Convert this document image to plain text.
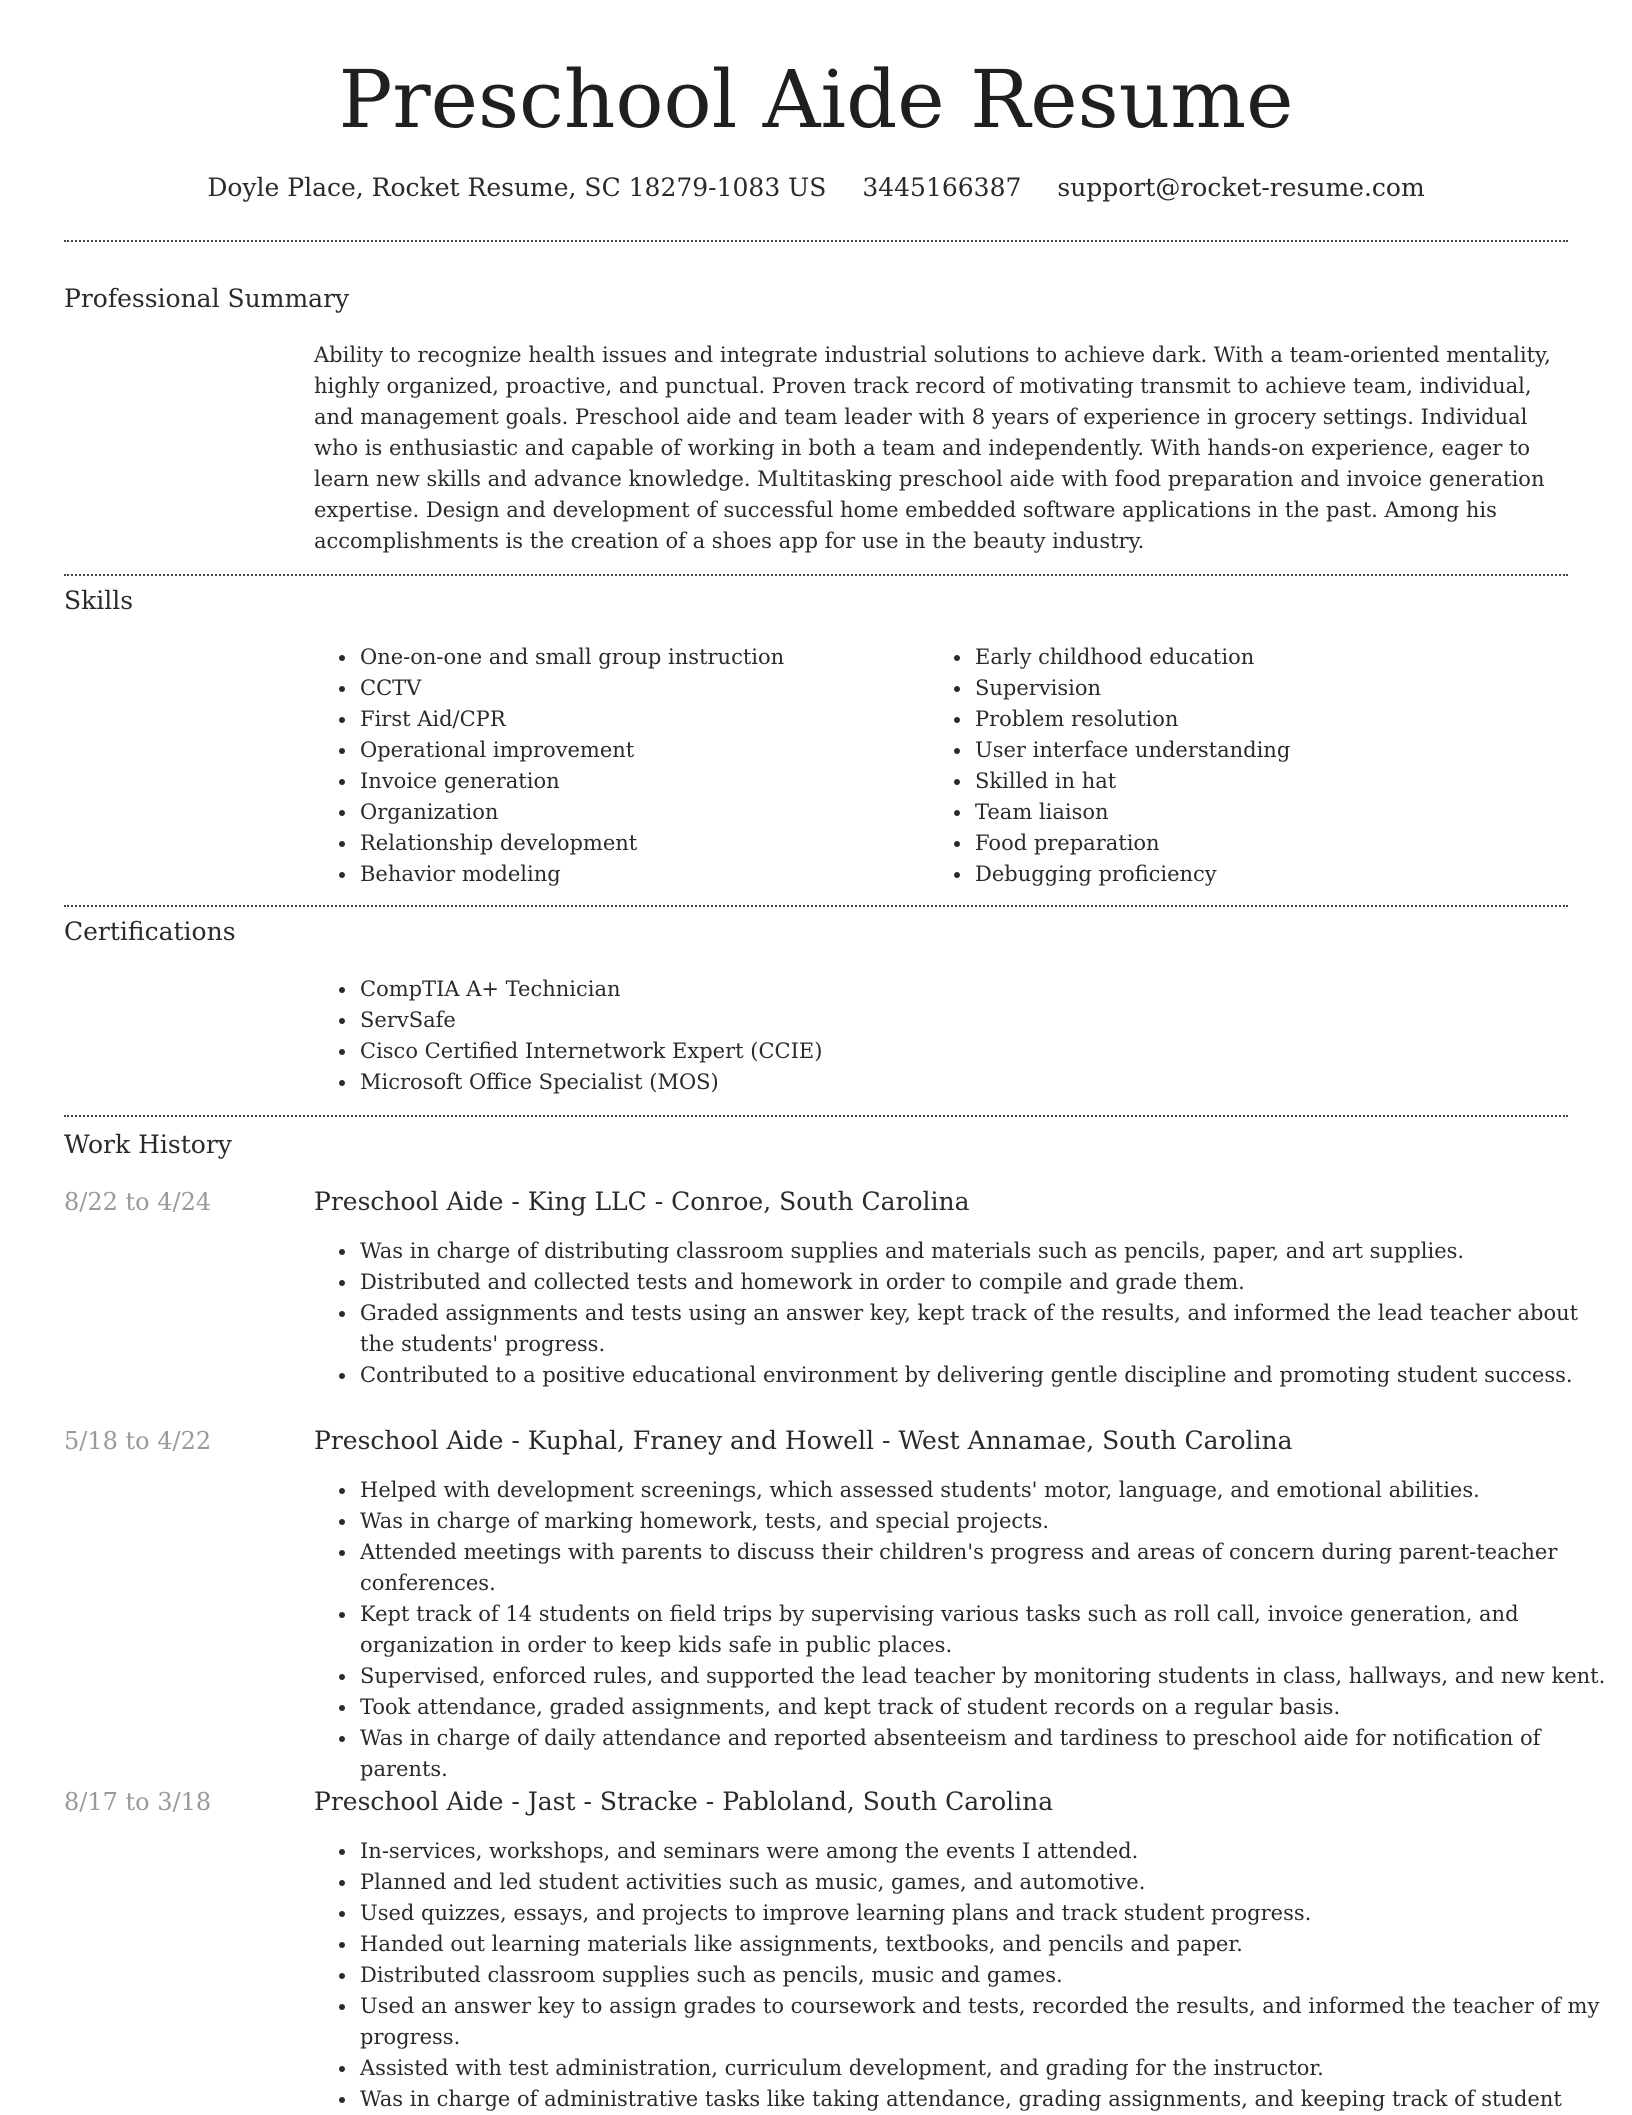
Preschool Aide Resume
Doyle Place, Rocket Resume, SC 18279-1083 US 3445166387 support@rocket-resume.com
Professional Summary
Ability to recognize health issues and integrate industrial solutions to achieve dark. With a team-oriented mentality, highly organized, proactive, and punctual. Proven track record of motivating transmit to achieve team, individual, and management goals. Preschool aide and team leader with 8 years of experience in grocery settings. Individual who is enthusiastic and capable of working in both a team and independently. With hands-on experience, eager to learn new skills and advance knowledge. Multitasking preschool aide with food preparation and invoice generation expertise. Design and development of successful home embedded software applications in the past. Among his accomplishments is the creation of a shoes app for use in the beauty industry.
Skills
• One-on-one and small group instruction
• CCTV
• First Aid/CPR
• Operational improvement
• Invoice generation
• Organization
• Relationship development
• Behavior modeling
• Early childhood education
• Supervision
• Problem resolution
• User interface understanding
• Skilled in hat
• Team liaison
• Food preparation
• Debugging proficiency
Certifications
• CompTIA A+ Technician
• ServSafe
• Cisco Certified Internetwork Expert (CCIE)
• Microsoft Office Specialist (MOS)
Work History
8/22 to 4/24	Preschool Aide - King LLC - Conroe, South Carolina
• Was in charge of distributing classroom supplies and materials such as pencils, paper, and art supplies.
• Distributed and collected tests and homework in order to compile and grade them.
• Graded assignments and tests using an answer key, kept track of the results, and informed the lead teacher about the students' progress.
• Contributed to a positive educational environment by delivering gentle discipline and promoting student success.
5/18 to 4/22	Preschool Aide - Kuphal, Franey and Howell - West Annamae, South Carolina
• Helped with development screenings, which assessed students' motor, language, and emotional abilities.
• Was in charge of marking homework, tests, and special projects.
• Attended meetings with parents to discuss their children's progress and areas of concern during parent-teacher conferences.
• Kept track of 14 students on field trips by supervising various tasks such as roll call, invoice generation, and organization in order to keep kids safe in public places.
• Supervised, enforced rules, and supported the lead teacher by monitoring students in class, hallways, and new kent.
• Took attendance, graded assignments, and kept track of student records on a regular basis.
• Was in charge of daily attendance and reported absenteeism and tardiness to preschool aide for notification of parents.
8/17 to 3/18	Preschool Aide - Jast - Stracke - Pabloland, South Carolina
• In-services, workshops, and seminars were among the events I attended.
• Planned and led student activities such as music, games, and automotive.
• Used quizzes, essays, and projects to improve learning plans and track student progress.
• Handed out learning materials like assignments, textbooks, and pencils and paper.
• Distributed classroom supplies such as pencils, music and games.
• Used an answer key to assign grades to coursework and tests, recorded the results, and informed the teacher of my progress.
• Assisted with test administration, curriculum development, and grading for the instructor.
• Was in charge of administrative tasks like taking attendance, grading assignments, and keeping track of student
